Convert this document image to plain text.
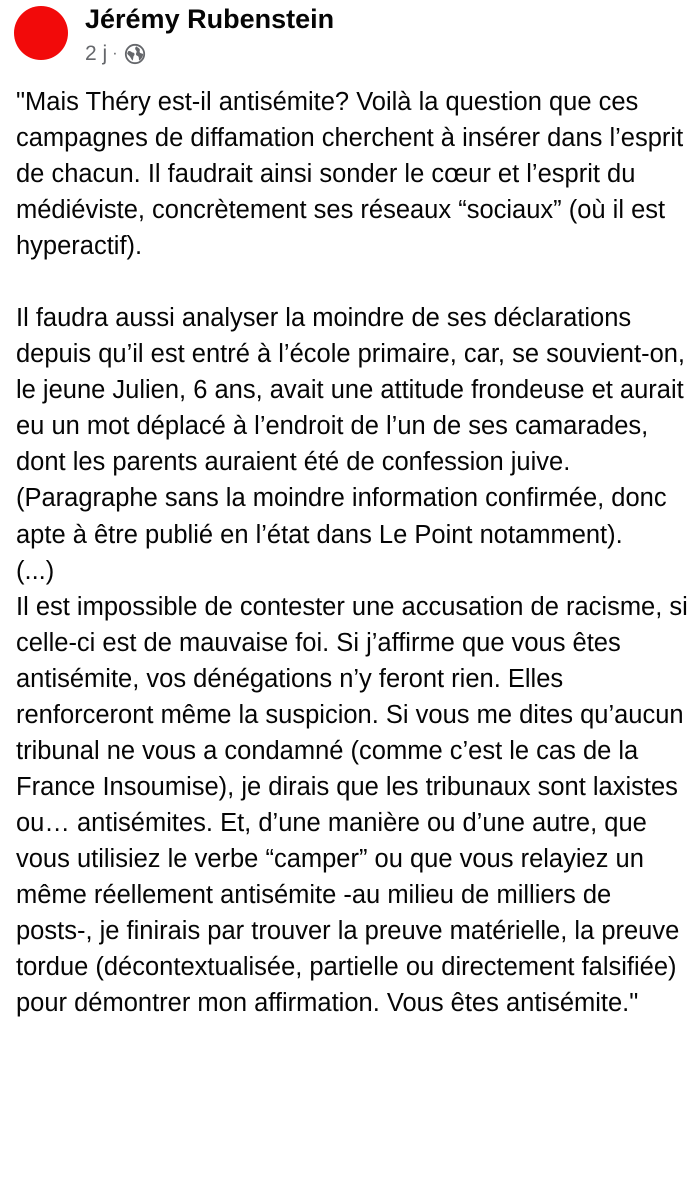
Jérémy Rubenstein
2 j ·

"Mais Théry est-il antisémite? Voilà la question que ces campagnes de diffamation cherchent à insérer dans l’esprit de chacun. Il faudrait ainsi sonder le cœur et l’esprit du médiéviste, concrètement ses réseaux “sociaux” (où il est hyperactif).

Il faudra aussi analyser la moindre de ses déclarations depuis qu’il est entré à l’école primaire, car, se souvient-on, le jeune Julien, 6 ans, avait une attitude frondeuse et aurait eu un mot déplacé à l’endroit de l’un de ses camarades, dont les parents auraient été de confession juive. (Paragraphe sans la moindre information confirmée, donc apte à être publié en l’état dans Le Point notamment).

(...)

Il est impossible de contester une accusation de racisme, si celle-ci est de mauvaise foi. Si j’affirme que vous êtes antisémite, vos dénégations n’y feront rien. Elles renforceront même la suspicion. Si vous me dites qu’aucun tribunal ne vous a condamné (comme c’est le cas de la France Insoumise), je dirais que les tribunaux sont laxistes ou… antisémites. Et, d’une manière ou d’une autre, que vous utilisiez le verbe “camper” ou que vous relayiez un même réellement antisémite -au milieu de milliers de posts-, je finirais par trouver la preuve matérielle, la preuve tordue (décontextualisée, partielle ou directement falsifiée) pour démontrer mon affirmation. Vous êtes antisémite."
